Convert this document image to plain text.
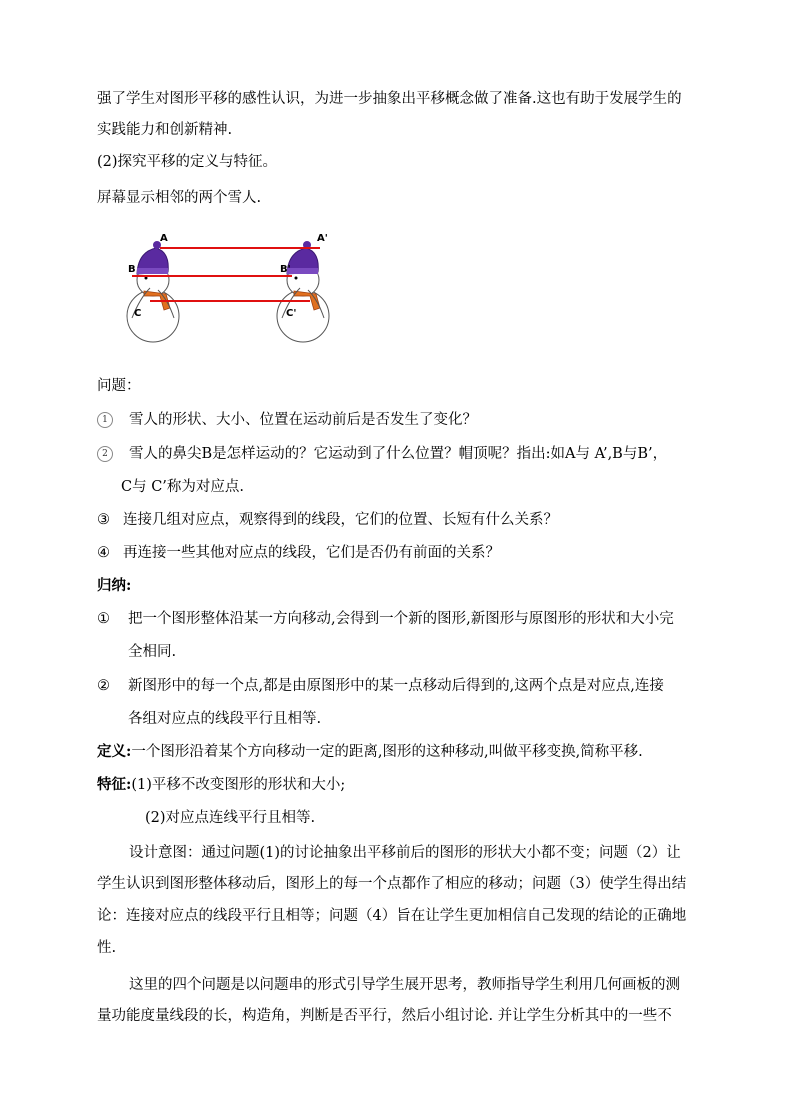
强了学生对图形平移的感性认识，为进一步抽象出平移概念做了准备.这也有助于发展学生的
实践能力和创新精神.
(2)探究平移的定义与特征。
屏幕显示相邻的两个雪人.
A	A'
B	B'
C	C'
问题：
1 雪人的形状、大小、位置在运动前后是否发生了变化？
2 雪人的鼻尖B是怎样运动的？它运动到了什么位置？帽顶呢？指出:如A与 A’,B与B’，
C与 C’称为对应点.
③ 连接几组对应点，观察得到的线段，它们的位置、长短有什么关系？
④ 再连接一些其他对应点的线段，它们是否仍有前面的关系？
归纳:
① 把一个图形整体沿某一方向移动,会得到一个新的图形,新图形与原图形的形状和大小完
全相同.
② 新图形中的每一个点,都是由原图形中的某一点移动后得到的,这两个点是对应点,连接
各组对应点的线段平行且相等.
定义:一个图形沿着某个方向移动一定的距离,图形的这种移动,叫做平移变换,简称平移.
特征:(1)平移不改变图形的形状和大小;
(2)对应点连线平行且相等.
设计意图：通过问题(1)的讨论抽象出平移前后的图形的形状大小都不变；问题（2）让
学生认识到图形整体移动后，图形上的每一个点都作了相应的移动；问题（3）使学生得出结
论：连接对应点的线段平行且相等；问题（4）旨在让学生更加相信自己发现的结论的正确地
性.
这里的四个问题是以问题串的形式引导学生展开思考，教师指导学生利用几何画板的测
量功能度量线段的长，构造角，判断是否平行，然后小组讨论. 并让学生分析其中的一些不
